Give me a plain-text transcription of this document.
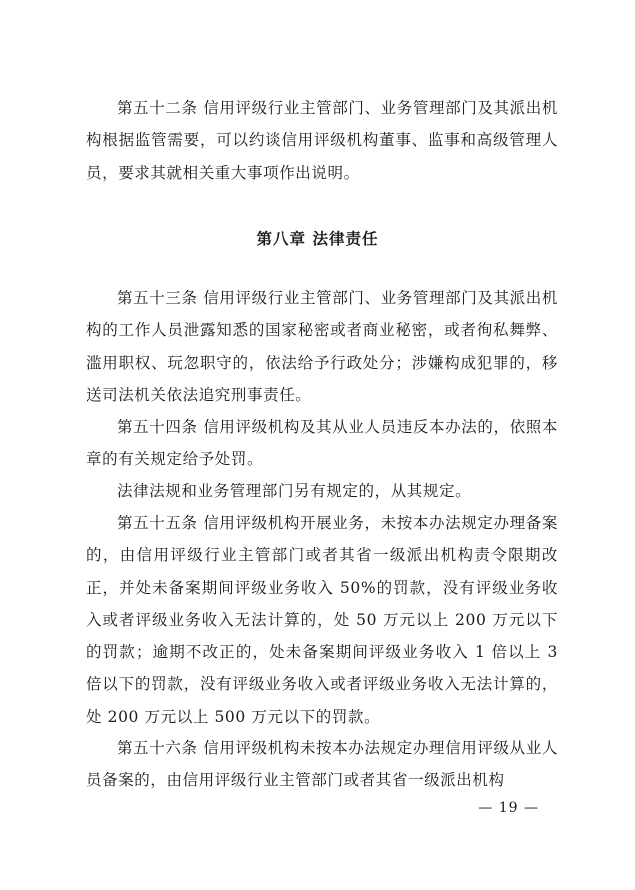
第五十二条 信用评级行业主管部门、业务管理部门及其派出机构根据监管需要，可以约谈信用评级机构董事、监事和高级管理人员，要求其就相关重大事项作出说明。

第八章 法律责任

第五十三条 信用评级行业主管部门、业务管理部门及其派出机构的工作人员泄露知悉的国家秘密或者商业秘密，或者徇私舞弊、滥用职权、玩忽职守的，依法给予行政处分；涉嫌构成犯罪的，移送司法机关依法追究刑事责任。

第五十四条 信用评级机构及其从业人员违反本办法的，依照本章的有关规定给予处罚。

法律法规和业务管理部门另有规定的，从其规定。

第五十五条 信用评级机构开展业务，未按本办法规定办理备案的，由信用评级行业主管部门或者其省一级派出机构责令限期改正，并处未备案期间评级业务收入 50%的罚款，没有评级业务收入或者评级业务收入无法计算的，处 50 万元以上 200 万元以下的罚款；逾期不改正的，处未备案期间评级业务收入 1 倍以上 3 倍以下的罚款，没有评级业务收入或者评级业务收入无法计算的，处 200 万元以上 500 万元以下的罚款。

第五十六条 信用评级机构未按本办法规定办理信用评级从业人员备案的，由信用评级行业主管部门或者其省一级派出机构

— 19 —
